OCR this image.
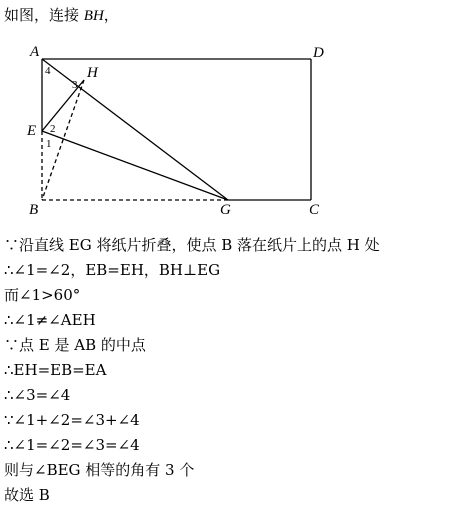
如图，连接 BH，
A	D
H
E
B	G	C
4
3
2
1
∵沿直线 EG 将纸片折叠，使点 B 落在纸片上的点 H 处
∴∠1=∠2，EB=EH，BH⊥EG
而∠1>60°
∴∠1≠∠AEH
∵点 E 是 AB 的中点
∴EH=EB=EA
∴∠3=∠4
∵∠1+∠2=∠3+∠4
∴∠1=∠2=∠3=∠4
则与∠BEG 相等的角有 3 个
故选 B
